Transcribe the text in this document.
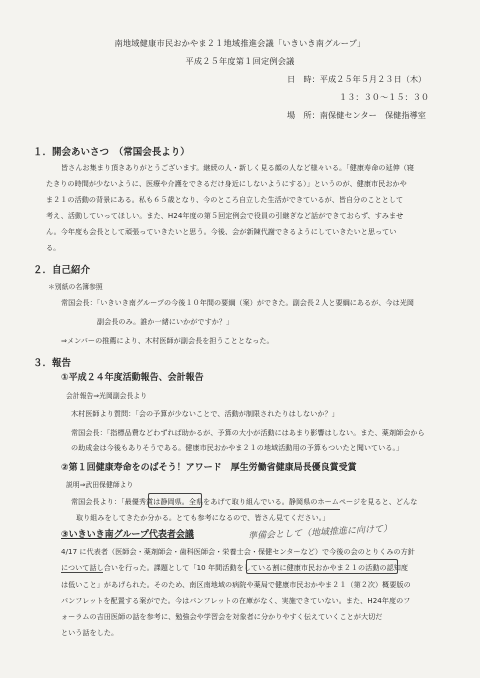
南地域健康市民おかやま２１地域推進会議「いきいき南グループ」
平成２５年度第１回定例会議
日　時：平成２５年５月２３日（木）
１３：３０〜１５：３０
場　所：南保健センター　保健指導室
１．開会あいさつ　（常国会長より）
皆さんお集まり頂きありがとうございます。継続の人・新しく見る顔の人など様々いる。「健康寿命の延伸（寝
たきりの時間が少ないように、医療や介護をできるだけ身近にしないようにする）」というのが、健康市民おかや
ま２１の活動の背景にある。私も６５歳となり、今のところ自立した生活ができているが、皆自分のこととして
考え、活動していってほしい。また、H24年度の第５回定例会で役員の引継ぎなど話ができておらず、すみませ
ん。今年度も会長として頑張っていきたいと思う。今後、会が新陳代謝できるようにしていきたいと思ってい
る。
２．自己紹介
＊別紙の名簿参照
常国会長：「いきいき南グループの今後１０年間の要綱（案）ができた。副会長２人と要綱にあるが、今は光岡
副会長のみ。誰か一緒にいかがですか？」
⇒メンバーの推薦により、木村医師が副会長を担うこととなった。
３．報告
①平成２４年度活動報告、会計報告
会計報告⇒光岡副会長より
木村医師より質問：「会の予算が少ないことで、活動が制限されたりはしないか？」
常国会長：「指標品費などわずれば助かるが、予算の大小が活動にはあまり影響はしない。また、薬剤師会から
の助成金は今後もありそうである。健康市民おかやま２１の地域活動用の予算もついたと聞いている。」
②第１回健康寿命をのばそう！アワード　厚生労働省健康局長優良賞受賞
説明⇒武田保健師より
常国会長より：「最優秀賞は静岡県。全県をあげて取り組んでいる。静岡県のホームページを見ると、どんな
取り組みをしてきたか分かる。とても参考になるので、皆さん見てください。」
③いきいき南グループ代表者会議	準備会として（地域推進に向けて）
4/17 に代表者（医師会・薬剤師会・歯科医師会・栄養士会・保健センターなど）で今後の会のとりくみの方針
について話し合いを行った。課題として「10 年間活動をしている割に健康市民おかやま２１の活動の認知度
は低いこと」があげられた。そのため、南区南地域の病院や薬局で健康市民おかやま２１（第２次）概要版の
パンフレットを配置する案がでた。今はパンフレットの在庫がなく、実施できていない。また、H24年度のフ
ォーラムの吉田医師の話を参考に、勉強会や学習会を対象者に分かりやすく伝えていくことが大切だ
という話をした。
